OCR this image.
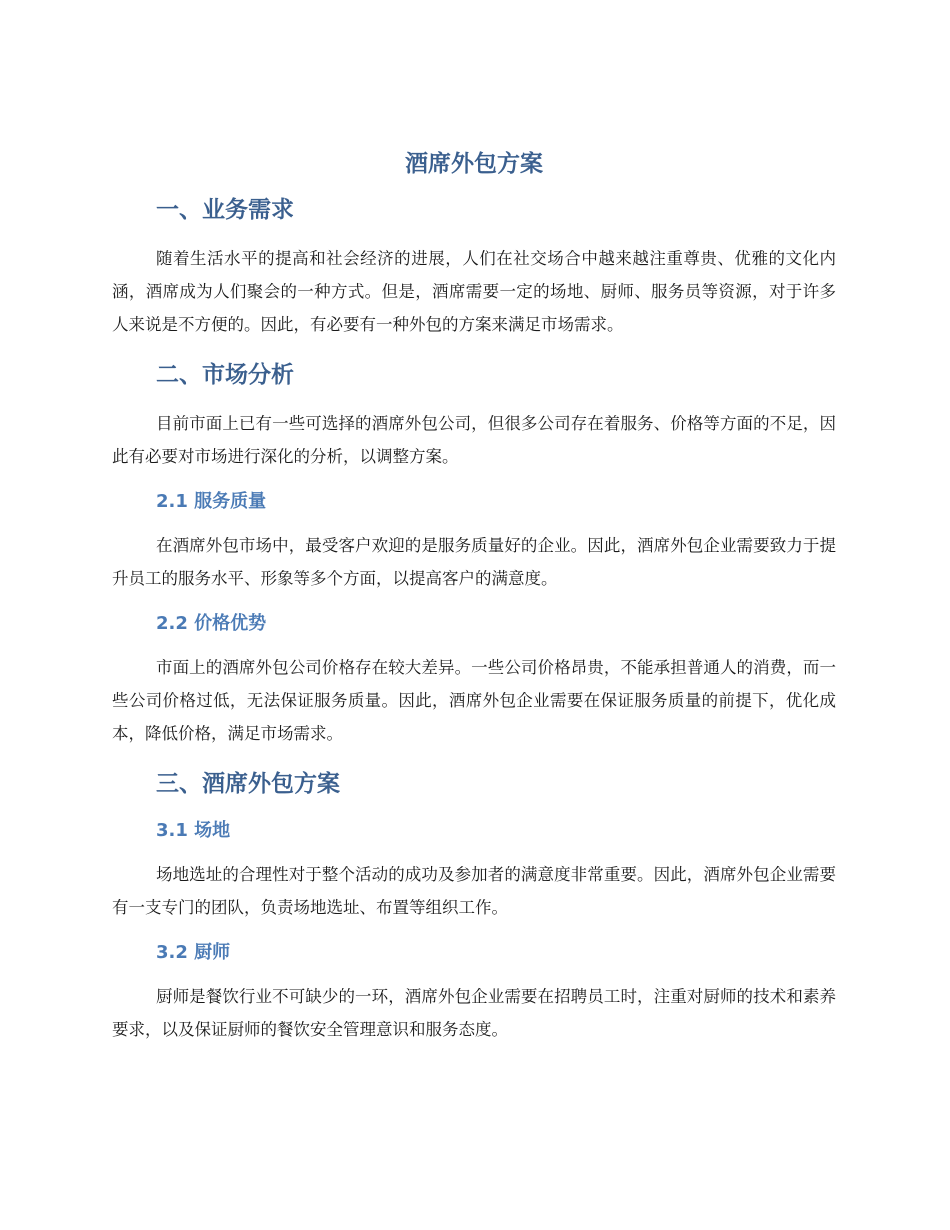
酒席外包方案
一、业务需求

随着生活水平的提高和社会经济的进展，人们在社交场合中越来越注重尊贵、优雅的文化内涵，酒席成为人们聚会的一种方式。但是，酒席需要一定的场地、厨师、服务员等资源，对于许多人来说是不方便的。因此，有必要有一种外包的方案来满足市场需求。

二、市场分析

目前市面上已有一些可选择的酒席外包公司，但很多公司存在着服务、价格等方面的不足，因此有必要对市场进行深化的分析，以调整方案。

2.1 服务质量

在酒席外包市场中，最受客户欢迎的是服务质量好的企业。因此，酒席外包企业需要致力于提升员工的服务水平、形象等多个方面，以提高客户的满意度。

2.2 价格优势

市面上的酒席外包公司价格存在较大差异。一些公司价格昂贵，不能承担普通人的消费，而一些公司价格过低，无法保证服务质量。因此，酒席外包企业需要在保证服务质量的前提下，优化成本，降低价格，满足市场需求。

三、酒席外包方案
3.1 场地

场地选址的合理性对于整个活动的成功及参加者的满意度非常重要。因此，酒席外包企业需要有一支专门的团队，负责场地选址、布置等组织工作。

3.2 厨师

厨师是餐饮行业不可缺少的一环，酒席外包企业需要在招聘员工时，注重对厨师的技术和素养要求，以及保证厨师的餐饮安全管理意识和服务态度。
